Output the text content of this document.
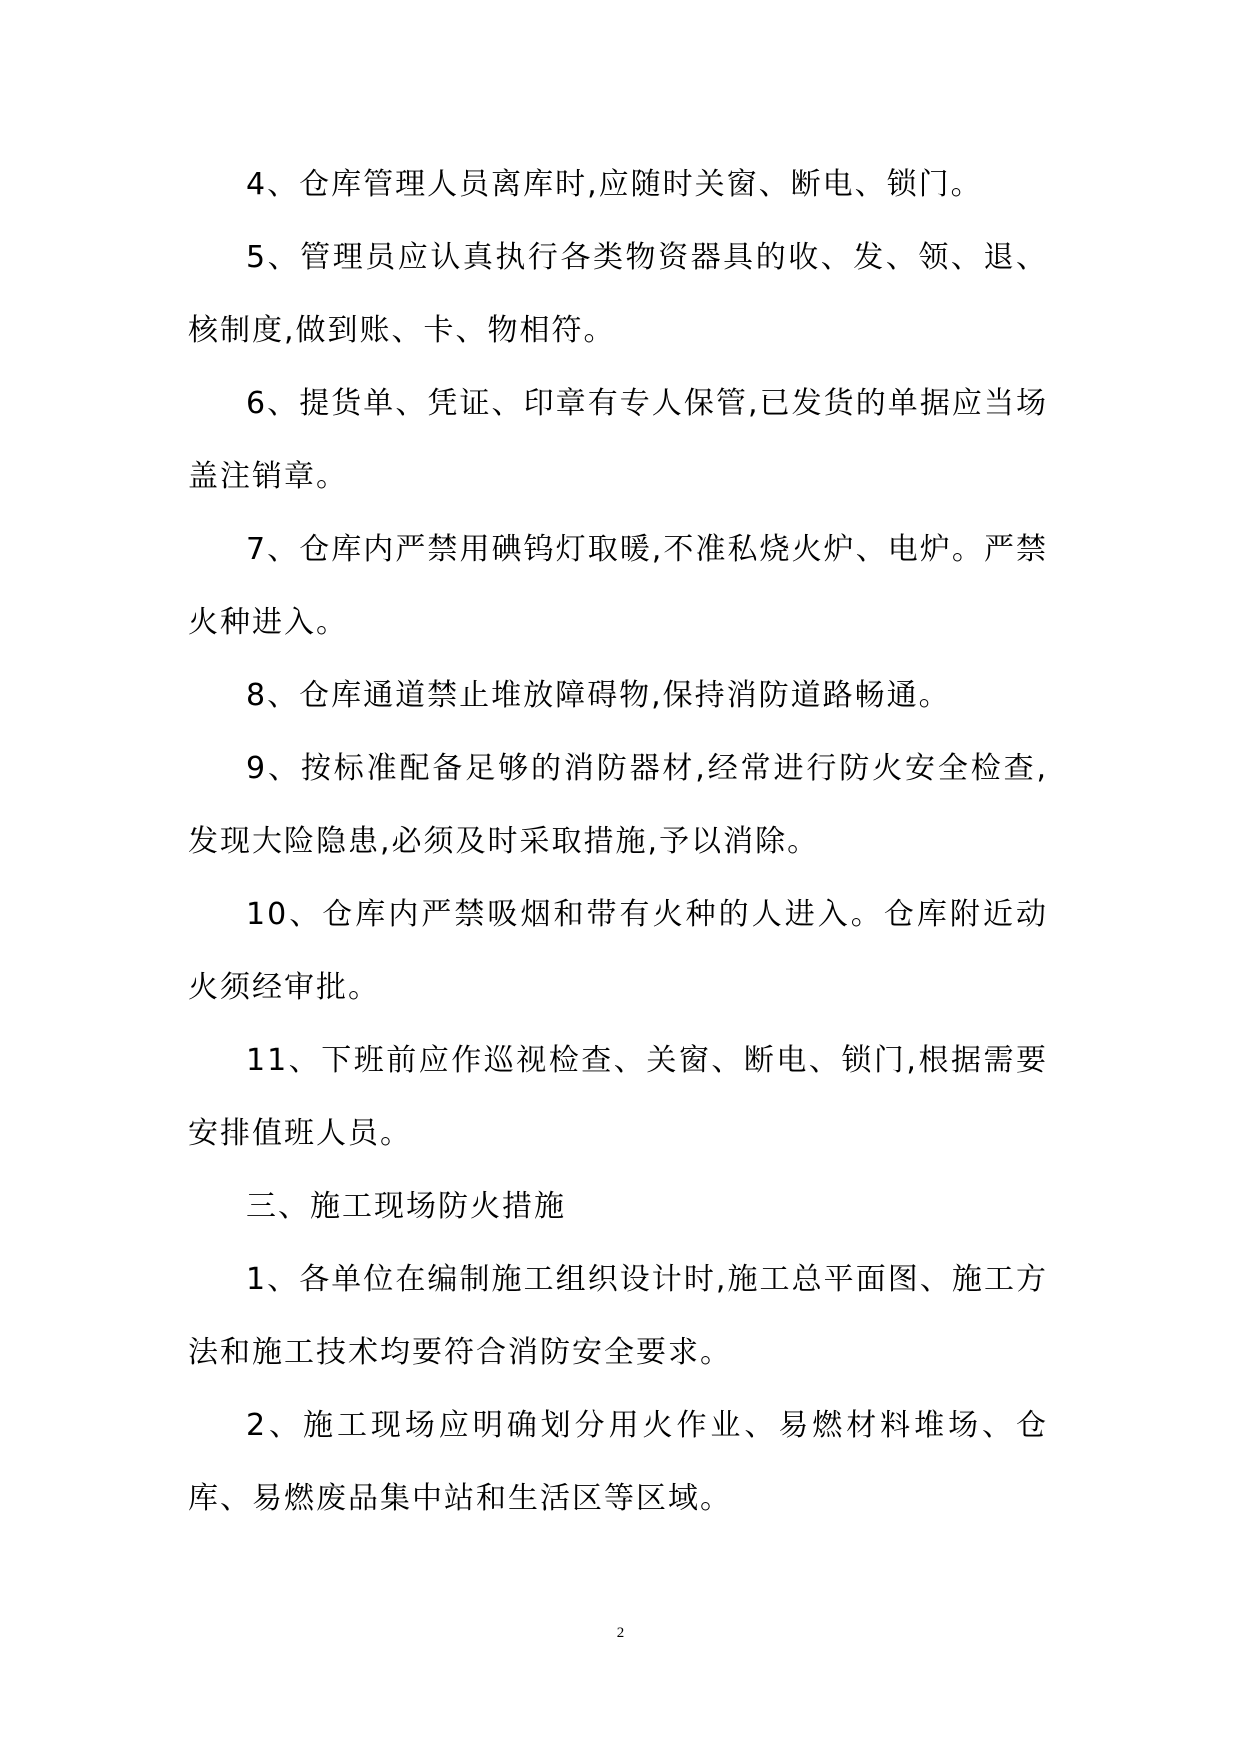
4、仓库管理人员离库时,应随时关窗、断电、锁门。

5、管理员应认真执行各类物资器具的收、发、领、退、核制度,做到账、卡、物相符。

6、提货单、凭证、印章有专人保管,已发货的单据应当场盖注销章。

7、仓库内严禁用碘钨灯取暖,不准私烧火炉、电炉。严禁火种进入。

8、仓库通道禁止堆放障碍物,保持消防道路畅通。

9、按标准配备足够的消防器材,经常进行防火安全检查,发现大险隐患,必须及时采取措施,予以消除。

10、仓库内严禁吸烟和带有火种的人进入。仓库附近动火须经审批。

11、下班前应作巡视检查、关窗、断电、锁门,根据需要安排值班人员。

三、施工现场防火措施

1、各单位在编制施工组织设计时,施工总平面图、施工方法和施工技术均要符合消防安全要求。

2、施工现场应明确划分用火作业、易燃材料堆场、仓库、易燃废品集中站和生活区等区域。

2
